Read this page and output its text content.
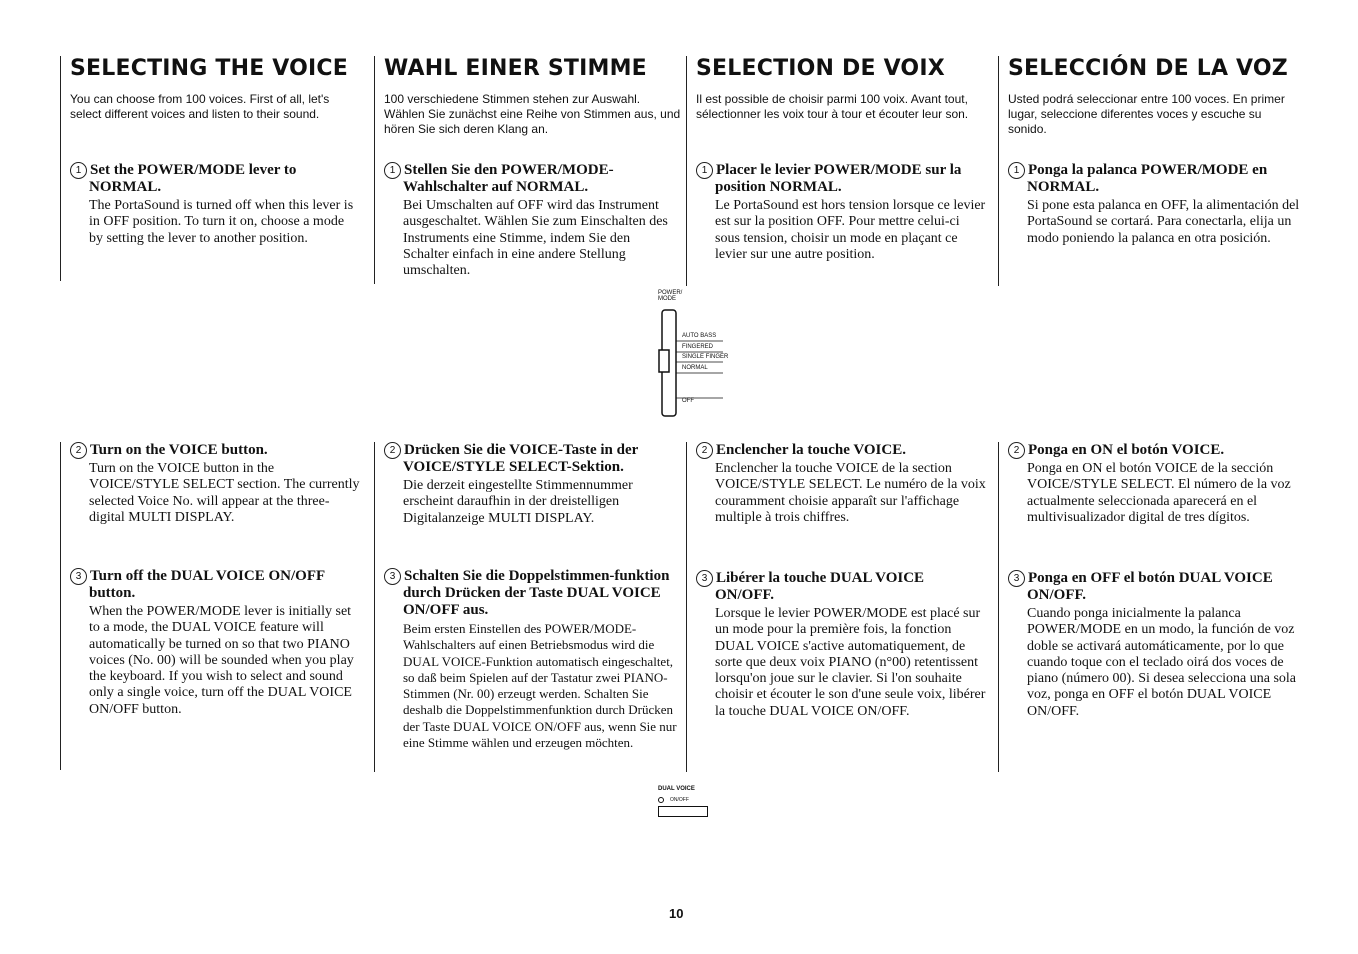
SELECTING THE VOICE

You can choose from 100 voices. First of all, let's select different voices and listen to their sound.

1 Set the POWER/MODE lever to NORMAL.

The PortaSound is turned off when this lever is in OFF position. To turn it on, choose a mode by setting the lever to another position.

2 Turn on the VOICE button.

Turn on the VOICE button in the VOICE/STYLE SELECT section. The currently selected Voice No. will appear at the three-digital MULTI DISPLAY.

3 Turn off the DUAL VOICE ON/OFF button.

When the POWER/MODE lever is initially set to a mode, the DUAL VOICE feature will automatically be turned on so that two PIANO voices (No. 00) will be sounded when you play the keyboard. If you wish to select and sound only a single voice, turn off the DUAL VOICE ON/OFF button.

WAHL EINER STIMME

100 verschiedene Stimmen stehen zur Auswahl. Wählen Sie zunächst eine Reihe von Stimmen aus, und hören Sie sich deren Klang an.

1 Stellen Sie den POWER/MODE-Wahlschalter auf NORMAL.

Bei Umschalten auf OFF wird das Instrument ausgeschaltet. Wählen Sie zum Einschalten des Instruments eine Stimme, indem Sie den Schalter einfach in eine andere Stellung umschalten.

2 Drücken Sie die VOICE-Taste in der VOICE/STYLE SELECT-Sektion.

Die derzeit eingestellte Stimmennummer erscheint daraufhin in der dreistelligen Digitalanzeige MULTI DISPLAY.

3 Schalten Sie die Doppelstimmen-funktion durch Drücken der Taste DUAL VOICE ON/OFF aus.

Beim ersten Einstellen des POWER/MODE-Wahlschalters auf einen Betriebsmodus wird die DUAL VOICE-Funktion automatisch eingeschaltet, so daß beim Spielen auf der Tastatur zwei PIANO-Stimmen (Nr. 00) erzeugt werden. Schalten Sie deshalb die Doppelstimmenfunktion durch Drücken der Taste DUAL VOICE ON/OFF aus, wenn Sie nur eine Stimme wählen und erzeugen möchten.

SELECTION DE VOIX

Il est possible de choisir parmi 100 voix. Avant tout, sélectionner les voix tour à tour et écouter leur son.

1 Placer le levier POWER/MODE sur la position NORMAL.

Le PortaSound est hors tension lorsque ce levier est sur la position OFF. Pour mettre celui-ci sous tension, choisir un mode en plaçant ce levier sur une autre position.

2 Enclencher la touche VOICE.

Enclencher la touche VOICE de la section VOICE/STYLE SELECT. Le numéro de la voix couramment choisie apparaît sur l'affichage multiple à trois chiffres.

3 Libérer la touche DUAL VOICE ON/OFF.

Lorsque le levier POWER/MODE est placé sur un mode pour la première fois, la fonction DUAL VOICE s'active automatiquement, de sorte que deux voix PIANO (n°00) retentissent lorsqu'on joue sur le clavier. Si l'on souhaite choisir et écouter le son d'une seule voix, libérer la touche DUAL VOICE ON/OFF.

SELECCIÓN DE LA VOZ

Usted podrá seleccionar entre 100 voces. En primer lugar, seleccione diferentes voces y escuche su sonido.

1 Ponga la palanca POWER/MODE en NORMAL.

Si pone esta palanca en OFF, la alimentación del PortaSound se cortará. Para conectarla, elija un modo poniendo la palanca en otra posición.

2 Ponga en ON el botón VOICE.

Ponga en ON el botón VOICE de la sección VOICE/STYLE SELECT. El número de la voz actualmente seleccionada aparecerá en el multivisualizador digital de tres dígitos.

3 Ponga en OFF el botón DUAL VOICE ON/OFF.

Cuando ponga inicialmente la palanca POWER/MODE en un modo, la función de voz doble se activará automáticamente, por lo que cuando toque con el teclado oirá dos voces de piano (número 00). Si desea selecciona una sola voz, ponga en OFF el botón DUAL VOICE ON/OFF.

POWER/ MODE
AUTO BASS
FINGERED
SINGLE FINGER
NORMAL
OFF
DUAL VOICE
ON/OFF
10
